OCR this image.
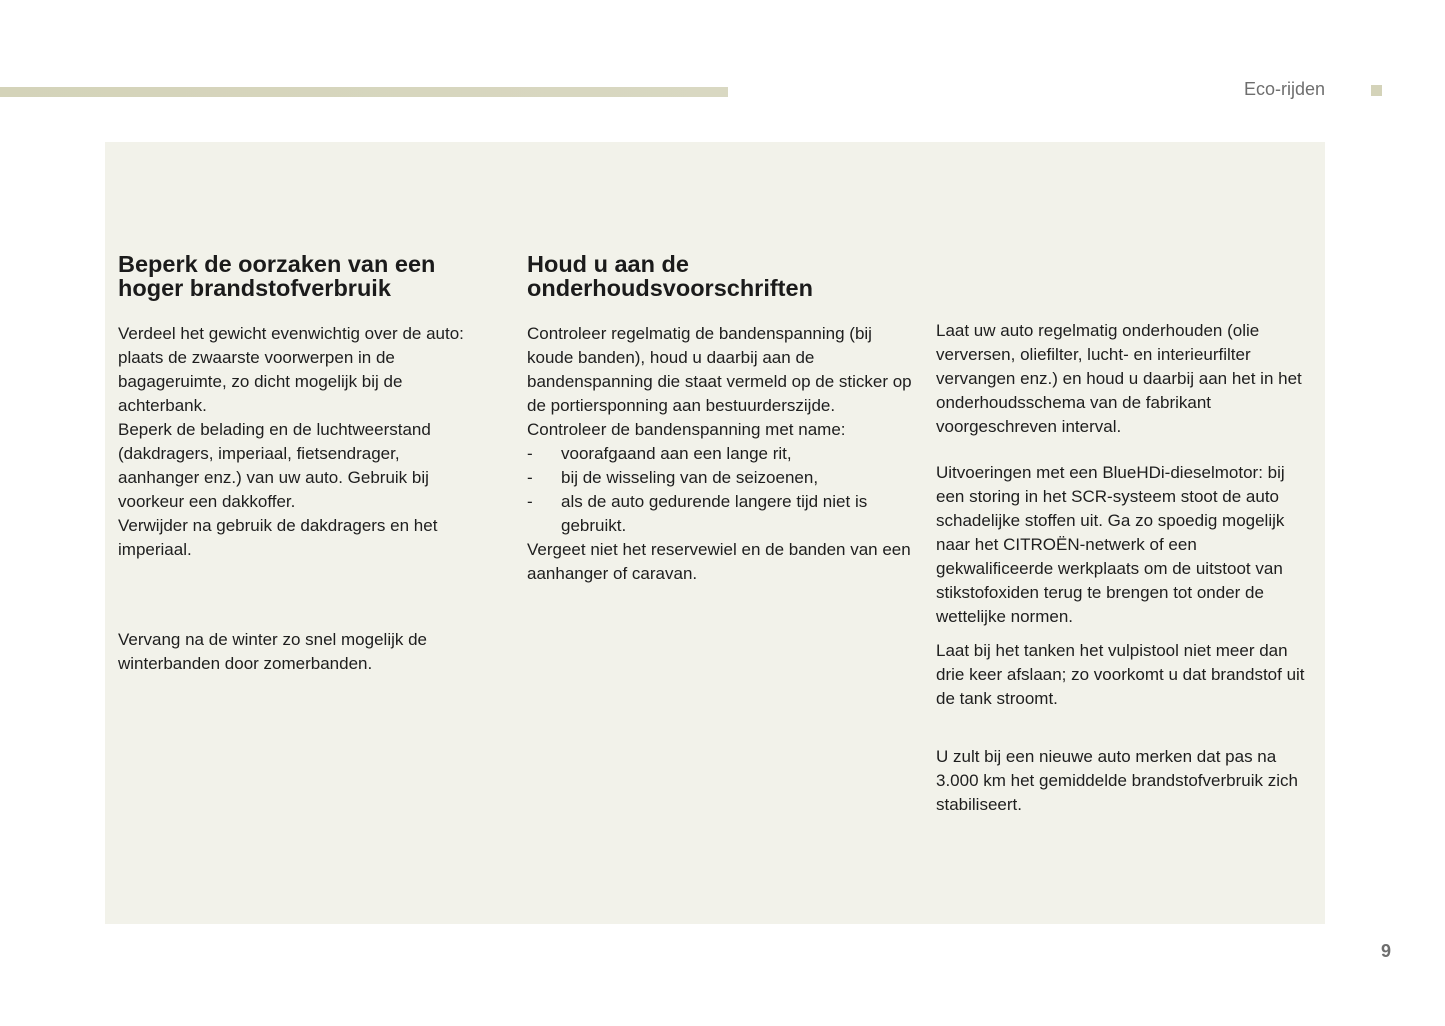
Eco-rijden
Beperk de oorzaken van een hoger brandstofverbruik

Verdeel het gewicht evenwichtig over de auto: plaats de zwaarste voorwerpen in de bagageruimte, zo dicht mogelijk bij de achterbank.

Beperk de belading en de luchtweerstand (dakdragers, imperiaal, fietsendrager, aanhanger enz.) van uw auto. Gebruik bij voorkeur een dakkoffer.

Verwijder na gebruik de dakdragers en het imperiaal.

Vervang na de winter zo snel mogelijk de winterbanden door zomerbanden.

Houd u aan de onderhoudsvoorschriften

Controleer regelmatig de bandenspanning (bij koude banden), houd u daarbij aan de bandenspanning die staat vermeld op de sticker op de portiersponning aan bestuurderszijde.

Controleer de bandenspanning met name:

- voorafgaand aan een lange rit,
- bij de wisseling van de seizoenen,
- als de auto gedurende langere tijd niet is gebruikt.

Vergeet niet het reservewiel en de banden van een aanhanger of caravan.

Laat uw auto regelmatig onderhouden (olie verversen, oliefilter, lucht- en interieurfilter vervangen enz.) en houd u daarbij aan het in het onderhoudsschema van de fabrikant voorgeschreven interval.

Uitvoeringen met een BlueHDi-dieselmotor: bij een storing in het SCR-systeem stoot de auto schadelijke stoffen uit. Ga zo spoedig mogelijk naar het CITROËN-netwerk of een gekwalificeerde werkplaats om de uitstoot van stikstofoxiden terug te brengen tot onder de wettelijke normen.

Laat bij het tanken het vulpistool niet meer dan drie keer afslaan; zo voorkomt u dat brandstof uit de tank stroomt.

U zult bij een nieuwe auto merken dat pas na 3.000 km het gemiddelde brandstofverbruik zich stabiliseert.

9
